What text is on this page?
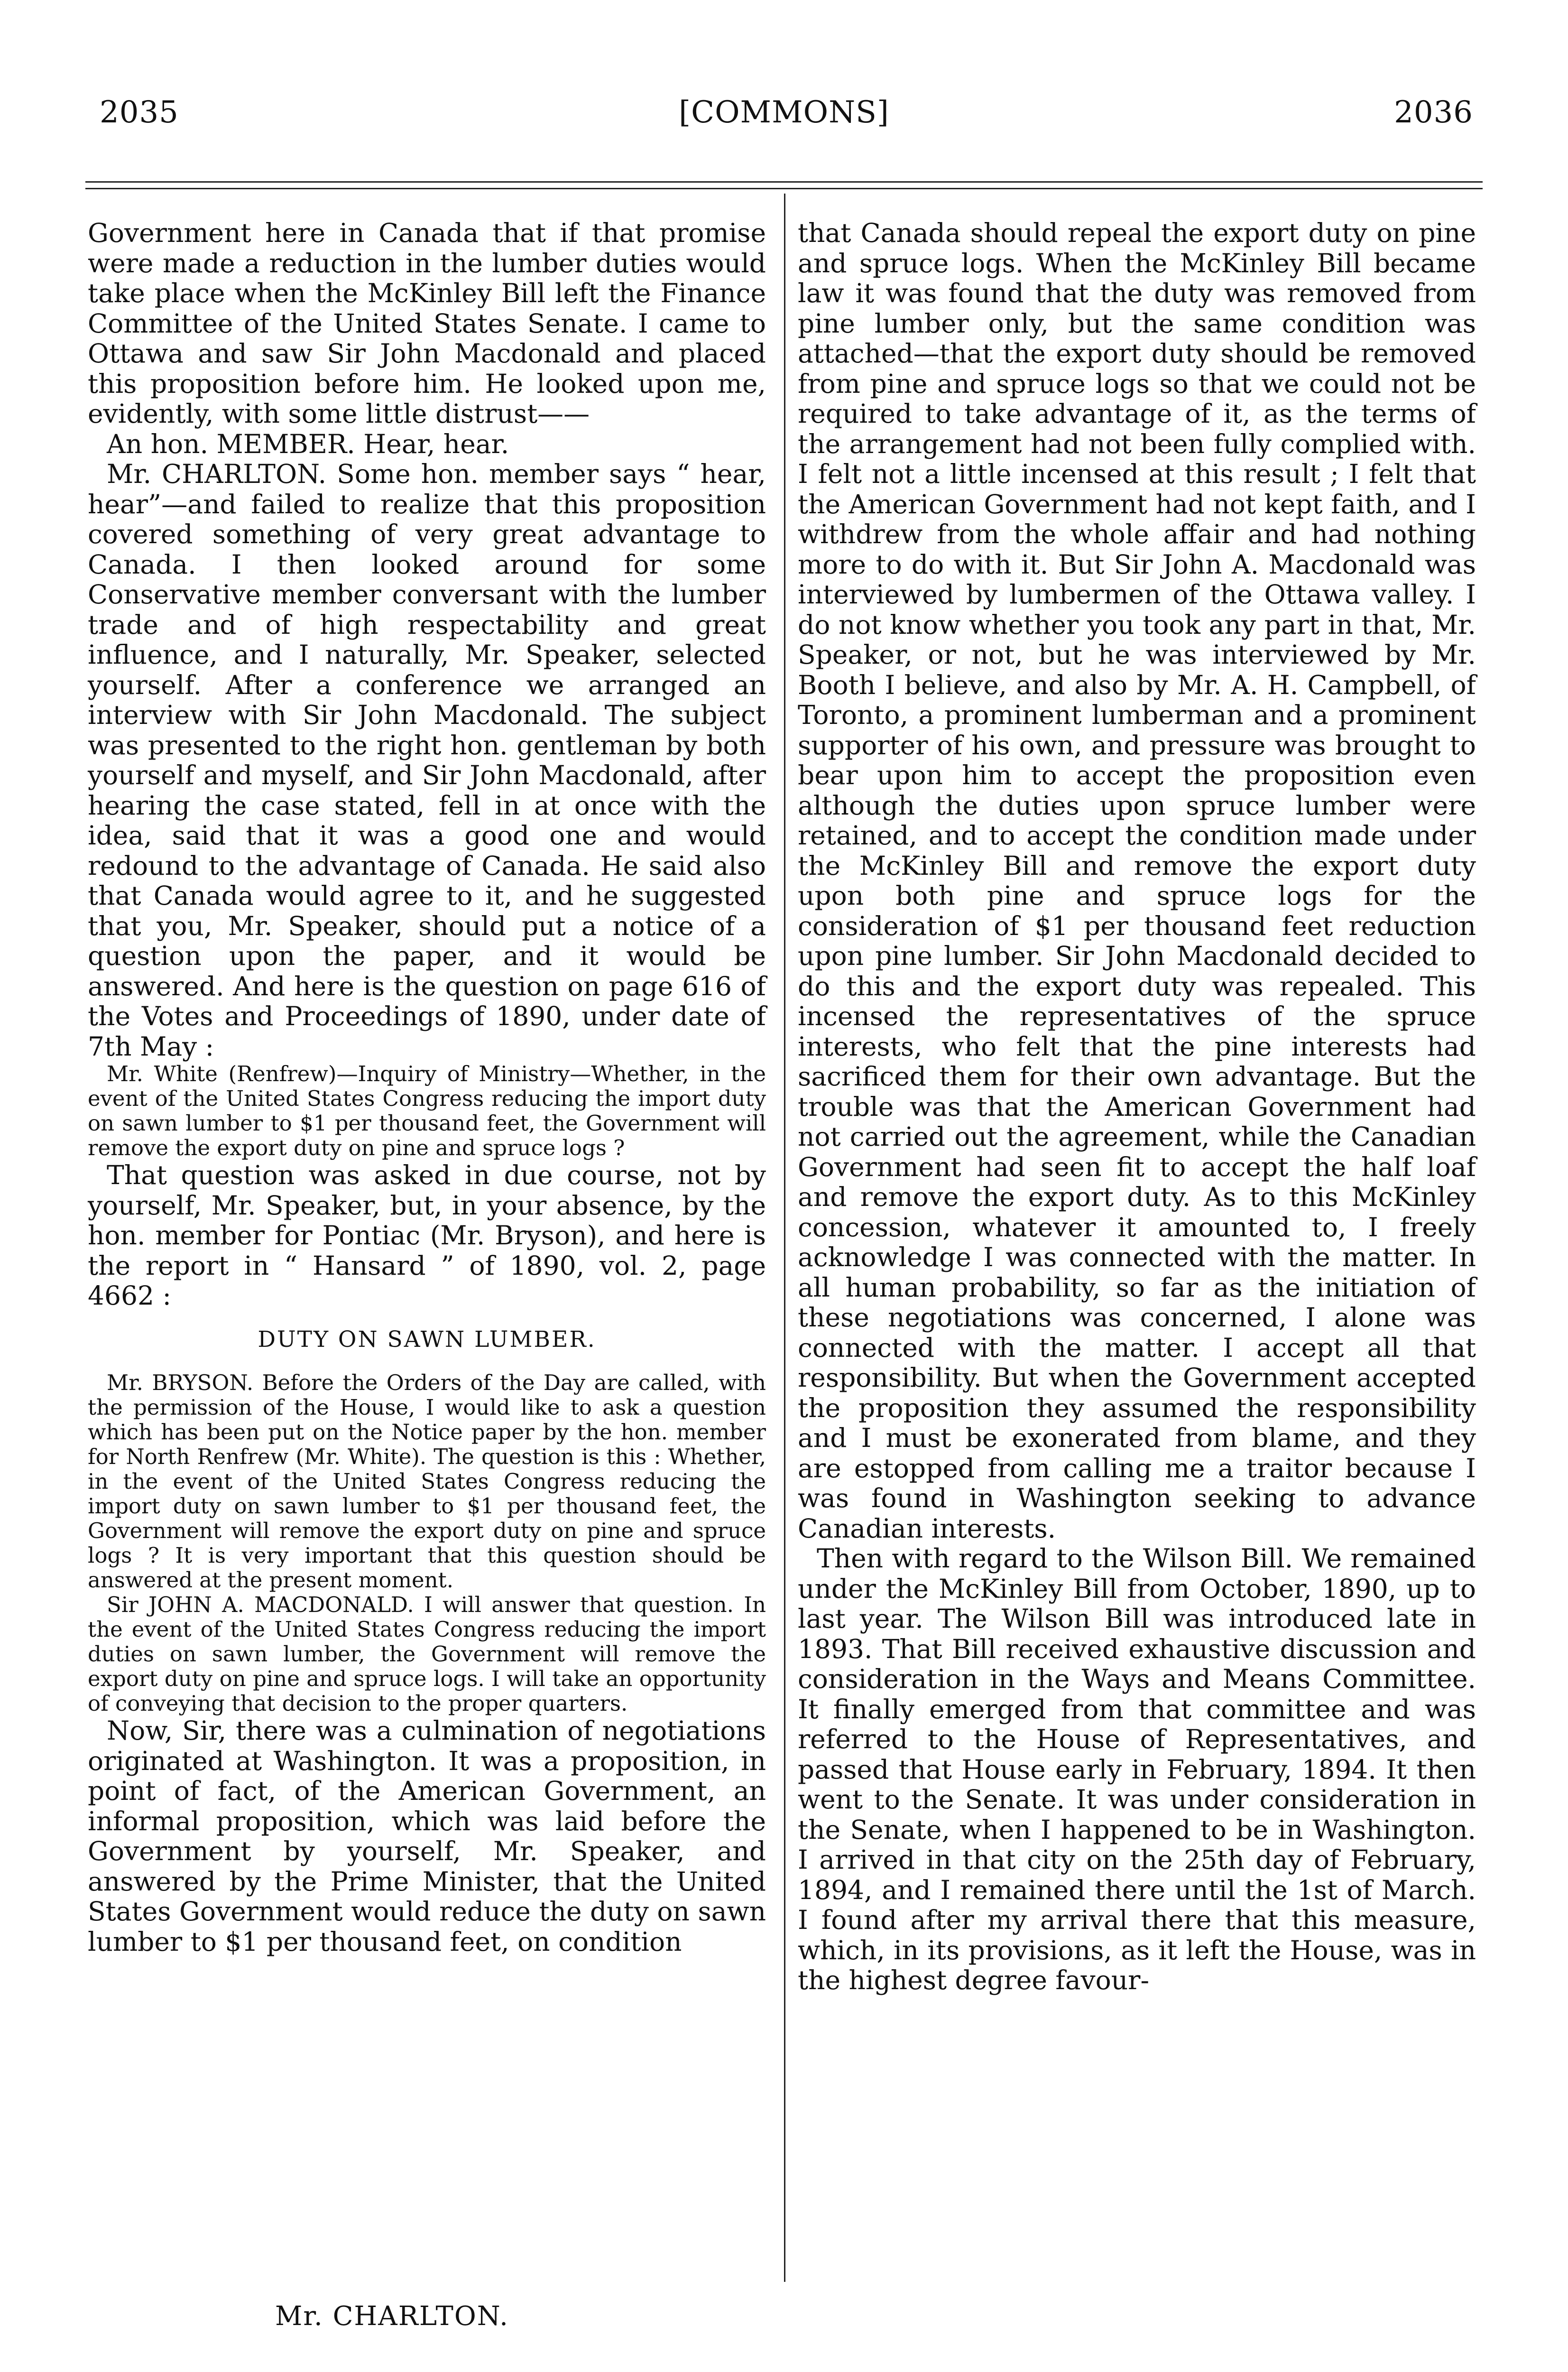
2035	[COMMONS]	2036

Government here in Canada that if that promise were made a reduction in the lumber duties would take place when the McKinley Bill left the Finance Committee of the United States Senate. I came to Ottawa and saw Sir John Macdonald and placed this proposition before him. He looked upon me, evidently, with some little distrust——

An hon. MEMBER. Hear, hear.

Mr. CHARLTON. Some hon. member says “ hear, hear”—and failed to realize that this proposition covered something of very great advantage to Canada. I then looked around for some Conservative member conversant with the lumber trade and of high respectability and great influence, and I naturally, Mr. Speaker, selected yourself. After a conference we arranged an interview with Sir John Macdonald. The subject was presented to the right hon. gentleman by both yourself and myself, and Sir John Macdonald, after hearing the case stated, fell in at once with the idea, said that it was a good one and would redound to the advantage of Canada. He said also that Canada would agree to it, and he suggested that you, Mr. Speaker, should put a notice of a question upon the paper, and it would be answered. And here is the question on page 616 of the Votes and Proceedings of 1890, under date of 7th May :

Mr. White (Renfrew)—Inquiry of Ministry—Whether, in the event of the United States Congress reducing the import duty on sawn lumber to $1 per thousand feet, the Government will remove the export duty on pine and spruce logs ?

That question was asked in due course, not by yourself, Mr. Speaker, but, in your absence, by the hon. member for Pontiac (Mr. Bryson), and here is the report in “ Hansard ” of 1890, vol. 2, page 4662 :

DUTY ON SAWN LUMBER.

Mr. BRYSON. Before the Orders of the Day are called, with the permission of the House, I would like to ask a question which has been put on the Notice paper by the hon. member for North Renfrew (Mr. White). The question is this : Whether, in the event of the United States Congress reducing the import duty on sawn lumber to $1 per thousand feet, the Government will remove the export duty on pine and spruce logs ? It is very important that this question should be answered at the present moment.

Sir JOHN A. MACDONALD. I will answer that question. In the event of the United States Congress reducing the import duties on sawn lumber, the Government will remove the export duty on pine and spruce logs. I will take an opportunity of conveying that decision to the proper quarters.

Now, Sir, there was a culmination of negotiations originated at Washington. It was a proposition, in point of fact, of the American Government, an informal proposition, which was laid before the Government by yourself, Mr. Speaker, and answered by the Prime Minister, that the United States Government would reduce the duty on sawn lumber to $1 per thousand feet, on condition

that Canada should repeal the export duty on pine and spruce logs. When the McKinley Bill became law it was found that the duty was removed from pine lumber only, but the same condition was attached—that the export duty should be removed from pine and spruce logs so that we could not be required to take advantage of it, as the terms of the arrangement had not been fully complied with. I felt not a little incensed at this result ; I felt that the American Government had not kept faith, and I withdrew from the whole affair and had nothing more to do with it. But Sir John A. Macdonald was interviewed by lumbermen of the Ottawa valley. I do not know whether you took any part in that, Mr. Speaker, or not, but he was interviewed by Mr. Booth I believe, and also by Mr. A. H. Campbell, of Toronto, a prominent lumberman and a prominent supporter of his own, and pressure was brought to bear upon him to accept the proposition even although the duties upon spruce lumber were retained, and to accept the condition made under the McKinley Bill and remove the export duty upon both pine and spruce logs for the consideration of $1 per thousand feet reduction upon pine lumber. Sir John Macdonald decided to do this and the export duty was repealed. This incensed the representatives of the spruce interests, who felt that the pine interests had sacrificed them for their own advantage. But the trouble was that the American Government had not carried out the agreement, while the Canadian Government had seen fit to accept the half loaf and remove the export duty. As to this McKinley concession, whatever it amounted to, I freely acknowledge I was connected with the matter. In all human probability, so far as the initiation of these negotiations was concerned, I alone was connected with the matter. I accept all that responsibility. But when the Government accepted the proposition they assumed the responsibility and I must be exonerated from blame, and they are estopped from calling me a traitor because I was found in Washington seeking to advance Canadian interests.

Then with regard to the Wilson Bill. We remained under the McKinley Bill from October, 1890, up to last year. The Wilson Bill was introduced late in 1893. That Bill received exhaustive discussion and consideration in the Ways and Means Committee. It finally emerged from that committee and was referred to the House of Representatives, and passed that House early in February, 1894. It then went to the Senate. It was under consideration in the Senate, when I happened to be in Washington. I arrived in that city on the 25th day of February, 1894, and I remained there until the 1st of March. I found after my arrival there that this measure, which, in its provisions, as it left the House, was in the highest degree favour-

Mr. CHARLTON.
